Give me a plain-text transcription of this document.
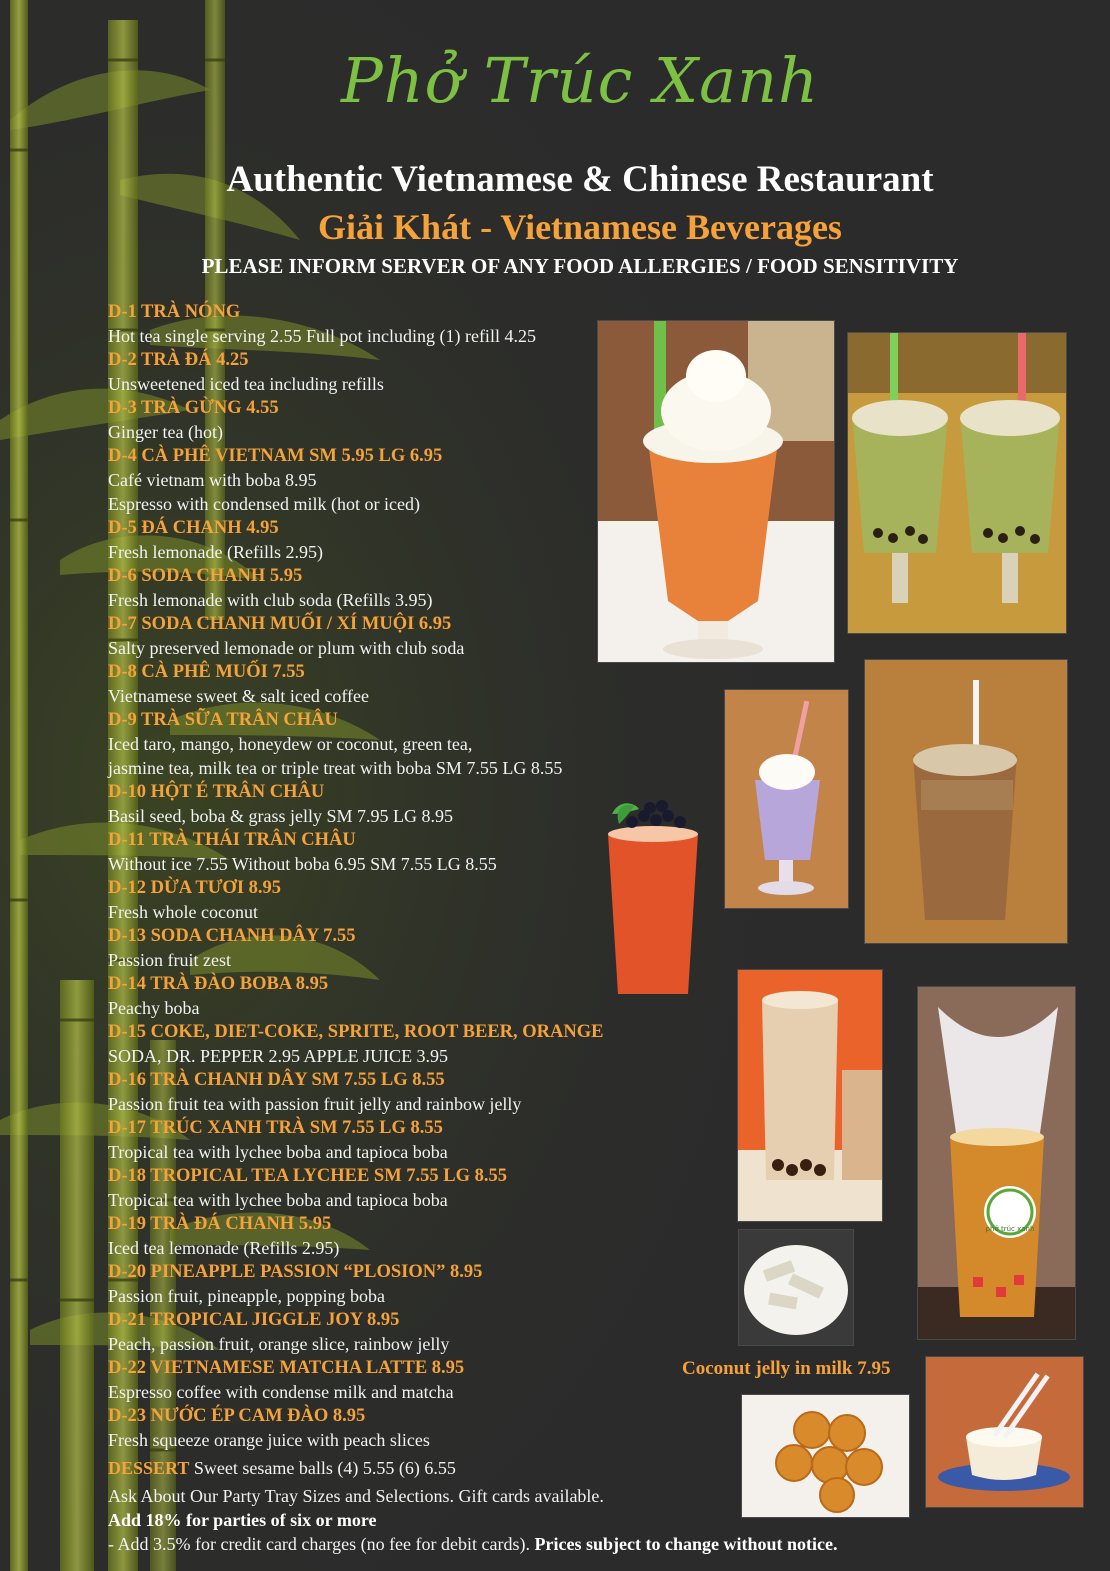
Phở Trúc Xanh
Authentic Vietnamese & Chinese Restaurant
Giải Khát - Vietnamese Beverages
PLEASE INFORM SERVER OF ANY FOOD ALLERGIES / FOOD SENSITIVITY
D-1 TRÀ NÓNG
Hot tea single serving 2.55 Full pot including (1) refill 4.25
D-2 TRÀ ĐÁ 4.25
Unsweetened iced tea including refills
D-3 TRÀ GỪNG 4.55
Ginger tea (hot)
D-4 CÀ PHÊ VIETNAM SM 5.95 LG 6.95
Café vietnam with boba 8.95
Espresso with condensed milk (hot or iced)
D-5 ĐÁ CHANH 4.95
Fresh lemonade (Refills 2.95)
D-6 SODA CHANH 5.95
Fresh lemonade with club soda (Refills 3.95)
D-7 SODA CHANH MUỐI / XÍ MUỘI 6.95
Salty preserved lemonade or plum with club soda
D-8 CÀ PHÊ MUỐI 7.55
Vietnamese sweet & salt iced coffee
D-9 TRÀ SỮA TRÂN CHÂU
Iced taro, mango, honeydew or coconut, green tea,
jasmine tea, milk tea or triple treat with boba SM 7.55 LG 8.55
D-10 HỘT É TRÂN CHÂU
Basil seed, boba & grass jelly SM 7.95 LG 8.95
D-11 TRÀ THÁI TRÂN CHÂU
Without ice 7.55 Without boba 6.95 SM 7.55 LG 8.55
D-12 DỪA TƯƠI 8.95
Fresh whole coconut
D-13 SODA CHANH DÂY 7.55
Passion fruit zest
D-14 TRÀ ĐÀO BOBA 8.95
Peachy boba
D-15 COKE, DIET-COKE, SPRITE, ROOT BEER, ORANGE
SODA, DR. PEPPER 2.95 APPLE JUICE 3.95
D-16 TRÀ CHANH DÂY SM 7.55 LG 8.55
Passion fruit tea with passion fruit jelly and rainbow jelly
D-17 TRÚC XANH TRÀ SM 7.55 LG 8.55
Tropical tea with lychee boba and tapioca boba
D-18 TROPICAL TEA LYCHEE SM 7.55 LG 8.55
Tropical tea with lychee boba and tapioca boba
D-19 TRÀ ĐÁ CHANH 5.95
Iced tea lemonade (Refills 2.95)
D-20 PINEAPPLE PASSION “PLOSION” 8.95
Passion fruit, pineapple, popping boba
D-21 TROPICAL JIGGLE JOY 8.95
Peach, passion fruit, orange slice, rainbow jelly
D-22 VIETNAMESE MATCHA LATTE 8.95
Espresso coffee with condense milk and matcha
D-23 NƯỚC ÉP CAM ĐÀO 8.95
Fresh squeeze orange juice with peach slices
phở trúc xanh
Coconut jelly in milk 7.95
DESSERT Sweet sesame balls (4) 5.55 (6) 6.55
Ask About Our Party Tray Sizes and Selections. Gift cards available.
Add 18% for parties of six or more
- Add 3.5% for credit card charges (no fee for debit cards). Prices subject to change without notice.
